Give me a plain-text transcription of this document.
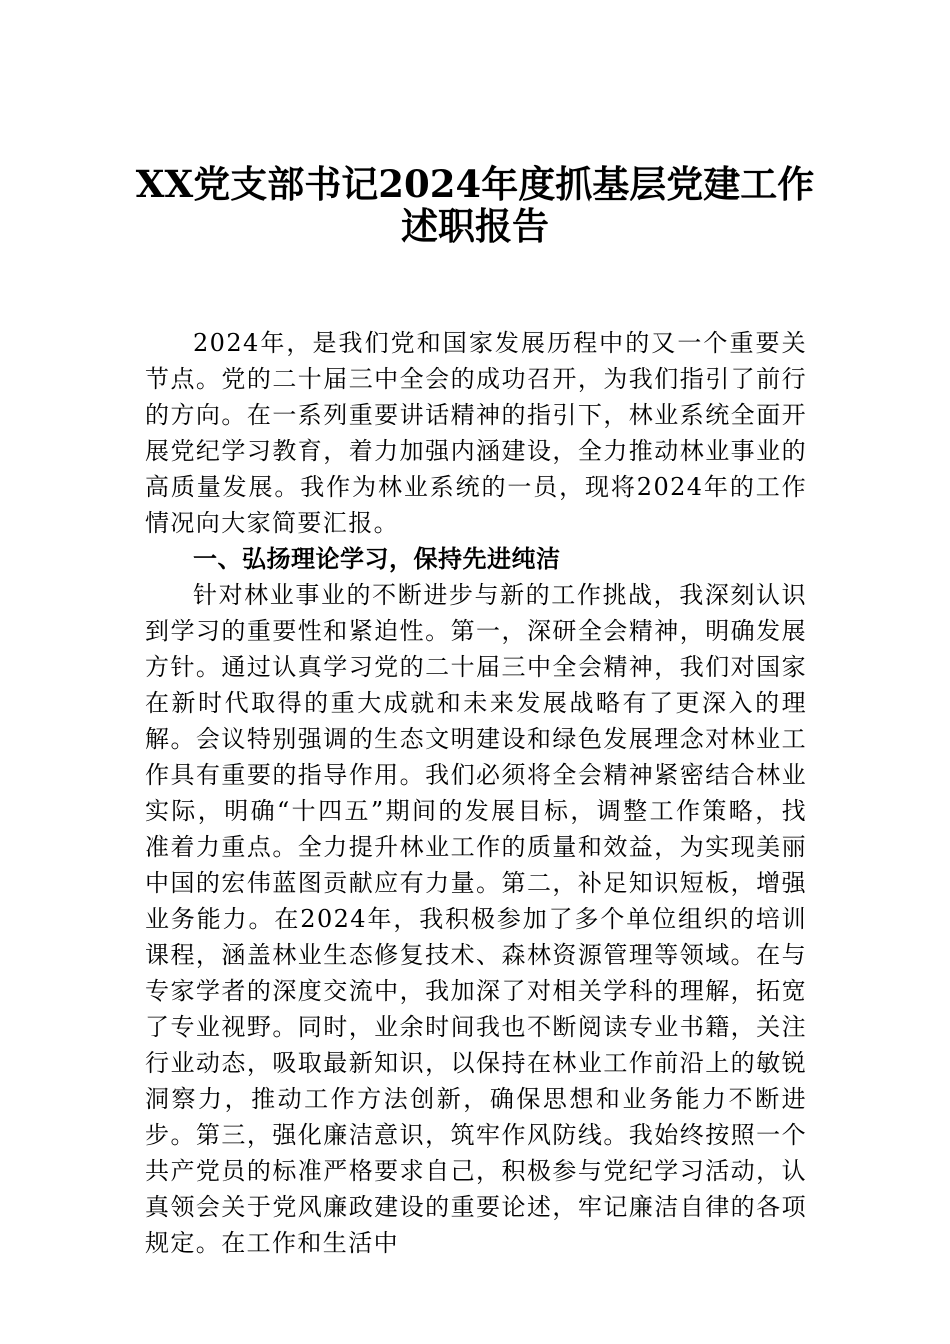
XX党支部书记2024年度抓基层党建工作
述职报告

2024年，是我们党和国家发展历程中的又一个重要关节点。党的二十届三中全会的成功召开，为我们指引了前行的方向。在一系列重要讲话精神的指引下，林业系统全面开展党纪学习教育，着力加强内涵建设，全力推动林业事业的高质量发展。我作为林业系统的一员，现将2024年的工作情况向大家简要汇报。

一、弘扬理论学习，保持先进纯洁

针对林业事业的不断进步与新的工作挑战，我深刻认识到学习的重要性和紧迫性。第一，深研全会精神，明确发展方针。通过认真学习党的二十届三中全会精神，我们对国家在新时代取得的重大成就和未来发展战略有了更深入的理解。会议特别强调的生态文明建设和绿色发展理念对林业工作具有重要的指导作用。我们必须将全会精神紧密结合林业实际，明确“十四五”期间的发展目标，调整工作策略，找准着力重点。全力提升林业工作的质量和效益，为实现美丽中国的宏伟蓝图贡献应有力量。第二，补足知识短板，增强业务能力。在2024年，我积极参加了多个单位组织的培训课程，涵盖林业生态修复技术、森林资源管理等领域。在与专家学者的深度交流中，我加深了对相关学科的理解，拓宽了专业视野。同时，业余时间我也不断阅读专业书籍，关注行业动态，吸取最新知识，以保持在林业工作前沿上的敏锐洞察力，推动工作方法创新，确保思想和业务能力不断进步。第三，强化廉洁意识，筑牢作风防线。我始终按照一个共产党员的标准严格要求自己，积极参与党纪学习活动，认真领会关于党风廉政建设的重要论述，牢记廉洁自律的各项规定。在工作和生活中
